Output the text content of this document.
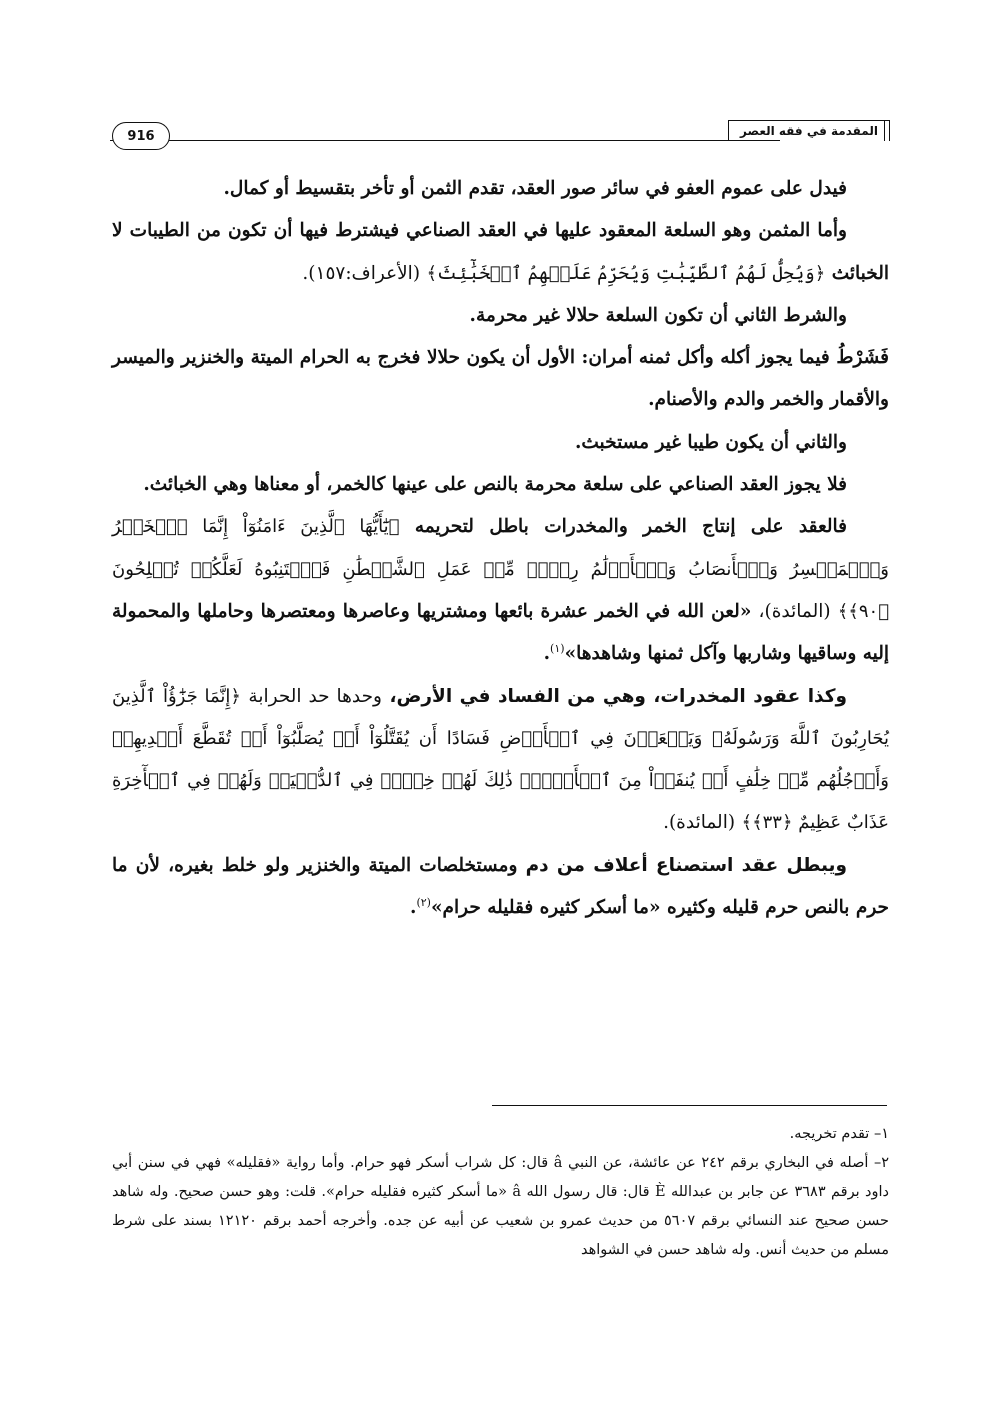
المقدمة في فقه العصر
916

فيدل على عموم العفو في سائر صور العقد، تقدم الثمن أو تأخر بتقسيط أو كمال.

وأما المثمن وهو السلعة المعقود عليها في العقد الصناعي فيشترط فيها أن تكون من الطيبات لا الخبائث ﴿وَيُحِلُّ لَهُمُ ٱلطَّيِّبَٰتِ وَيُحَرِّمُ عَلَيۡهِمُ ٱلۡخَبَٰٓئِثَ﴾ (الأعراف:١٥٧).

والشرط الثاني أن تكون السلعة حلالا غير محرمة.

فَشَرْطُ فيما يجوز أكله وأكل ثمنه أمران: الأول أن يكون حلالا فخرج به الحرام الميتة والخنزير والميسر والأقمار والخمر والدم والأصنام.

والثاني أن يكون طيبا غير مستخبث.

فلا يجوز العقد الصناعي على سلعة محرمة بالنص على عينها كالخمر، أو معناها وهي الخبائث.

فالعقد على إنتاج الخمر والمخدرات باطل لتحريمه ﴿يَٰٓأَيُّهَا ٱلَّذِينَ ءَامَنُوٓاْ إِنَّمَا ٱلۡخَمۡرُ وَٱلۡمَيۡسِرُ وَٱلۡأَنصَابُ وَٱلۡأَزۡلَٰمُ رِجۡسٞ مِّنۡ عَمَلِ ٱلشَّيۡطَٰنِ فَٱجۡتَنِبُوهُ لَعَلَّكُمۡ تُفۡلِحُونَ ﴿٩٠﴾﴾ (المائدة)، «لعن الله في الخمر عشرة بائعها ومشتريها وعاصرها ومعتصرها وحاملها والمحمولة إليه وساقيها وشاربها وآكل ثمنها وشاهدها»$^{(١)}$.

وكذا عقود المخدرات، وهي من الفساد في الأرض، وحدها حد الحرابة ﴿إِنَّمَا جَزَٰٓؤُاْ ٱلَّذِينَ يُحَارِبُونَ ٱللَّهَ وَرَسُولَهُۥ وَيَسۡعَوۡنَ فِي ٱلۡأَرۡضِ فَسَادًا أَن يُقَتَّلُوٓاْ أَوۡ يُصَلَّبُوٓاْ أَوۡ تُقَطَّعَ أَيۡدِيهِمۡ وَأَرۡجُلُهُم مِّنۡ خِلَٰفٍ أَوۡ يُنفَوۡاْ مِنَ ٱلۡأَرۡضِۚ ذَٰلِكَ لَهُمۡ خِزۡيٞ فِي ٱلدُّنۡيَاۖ وَلَهُمۡ فِي ٱلۡأٓخِرَةِ عَذَابٌ عَظِيمٌ ﴿٣٣﴾﴾ (المائدة).

ويبطل عقد استصناع أعلاف من دم ومستخلصات الميتة والخنزير ولو خلط بغيره، لأن ما حرم بالنص حرم قليله وكثيره «ما أسكر كثيره فقليله حرام»$^{(٢)}$.

١– تقدم تخريجه.

٢– أصله في البخاري برقم ٢٤٢ عن عائشة، عن النبي â قال: كل شراب أسكر فهو حرام. وأما رواية «فقليله» فهي في سنن أبي داود برقم ٣٦٨٣ عن جابر بن عبدالله È قال: قال رسول الله â «ما أسكر كثيره فقليله حرام». قلت: وهو حسن صحيح. وله شاهد حسن صحيح عند النسائي برقم ٥٦٠٧ من حديث عمرو بن شعيب عن أبيه عن جده. وأخرجه أحمد برقم ١٢١٢٠ بسند على شرط مسلم من حديث أنس. وله شاهد حسن في الشواهد
